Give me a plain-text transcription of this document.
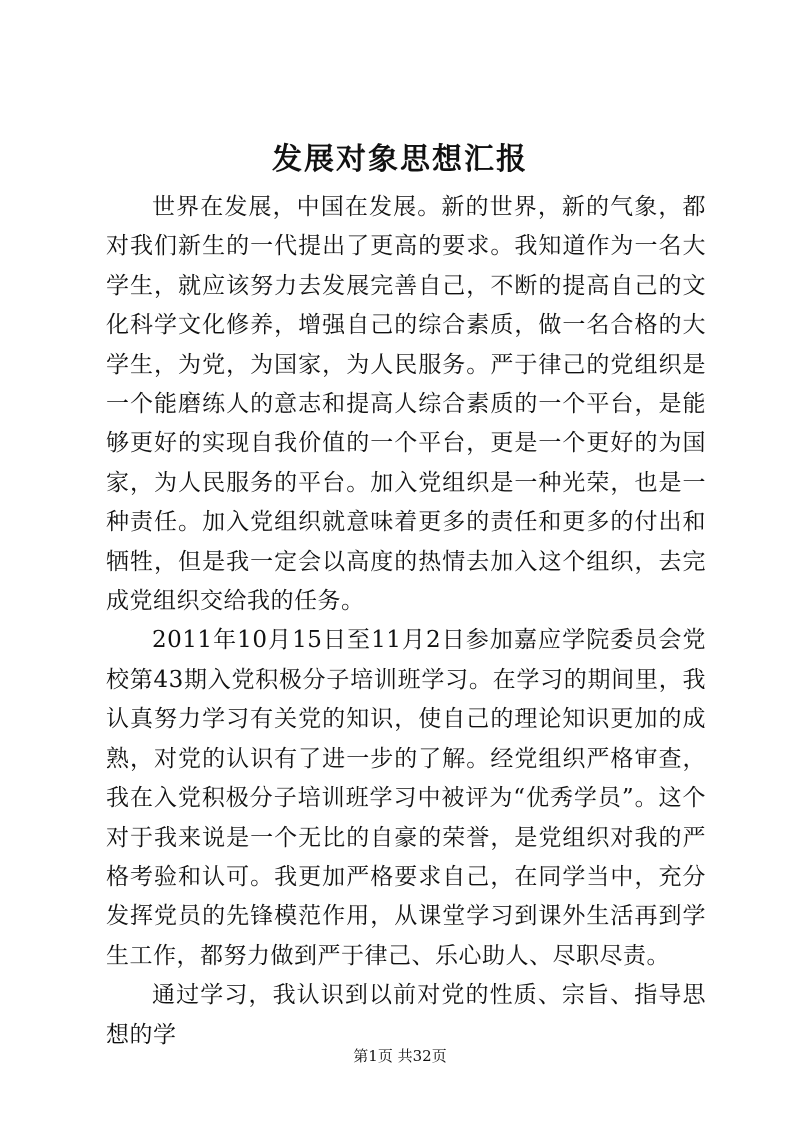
发展对象思想汇报

世界在发展，中国在发展。新的世界，新的气象，都对我们新生的一代提出了更高的要求。我知道作为一名大学生，就应该努力去发展完善自己，不断的提高自己的文化科学文化修养，增强自己的综合素质，做一名合格的大学生，为党，为国家，为人民服务。严于律己的党组织是一个能磨练人的意志和提高人综合素质的一个平台，是能够更好的实现自我价值的一个平台，更是一个更好的为国家，为人民服务的平台。加入党组织是一种光荣，也是一种责任。加入党组织就意味着更多的责任和更多的付出和牺牲，但是我一定会以高度的热情去加入这个组织，去完成党组织交给我的任务。

2011年10月15日至11月2日参加嘉应学院委员会党校第43期入党积极分子培训班学习。在学习的期间里，我认真努力学习有关党的知识，使自己的理论知识更加的成熟，对党的认识有了进一步的了解。经党组织严格审查，我在入党积极分子培训班学习中被评为“优秀学员”。这个对于我来说是一个无比的自豪的荣誉，是党组织对我的严格考验和认可。我更加严格要求自己，在同学当中，充分发挥党员的先锋模范作用，从课堂学习到课外生活再到学生工作，都努力做到严于律己、乐心助人、尽职尽责。

通过学习，我认识到以前对党的性质、宗旨、指导思想的学

第1页 共32页
